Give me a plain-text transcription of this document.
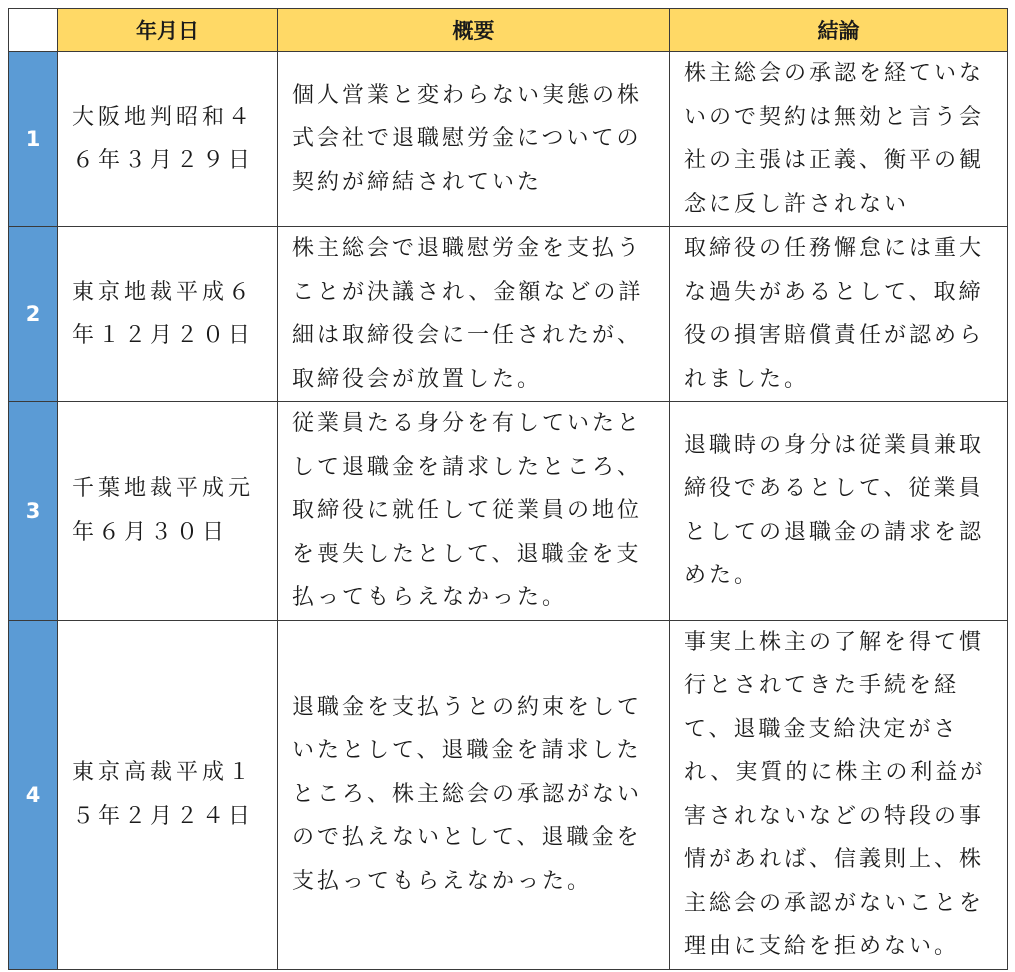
	年月日	概要	結論
1	大阪地判昭和４６年３月２９日	個人営業と変わらない実態の株式会社で退職慰労金についての契約が締結されていた	株主総会の承認を経ていないので契約は無効と言う会社の主張は正義、衡平の観念に反し許されない
2	東京地裁平成６年１２月２０日	株主総会で退職慰労金を支払うことが決議され、金額などの詳細は取締役会に一任されたが、取締役会が放置した。	取締役の任務懈怠には重大な過失があるとして、取締役の損害賠償責任が認められました。
3	千葉地裁平成元年６月３０日	従業員たる身分を有していたとして退職金を請求したところ、取締役に就任して従業員の地位を喪失したとして、退職金を支払ってもらえなかった。	退職時の身分は従業員兼取締役であるとして、従業員としての退職金の請求を認めた。
4	東京高裁平成１５年２月２４日	退職金を支払うとの約束をしていたとして、退職金を請求したところ、株主総会の承認がないので払えないとして、退職金を支払ってもらえなかった。	事実上株主の了解を得て慣行とされてきた手続を経て、退職金支給決定がされ、実質的に株主の利益が害されないなどの特段の事情があれば、信義則上、株主総会の承認がないことを理由に支給を拒めない。
